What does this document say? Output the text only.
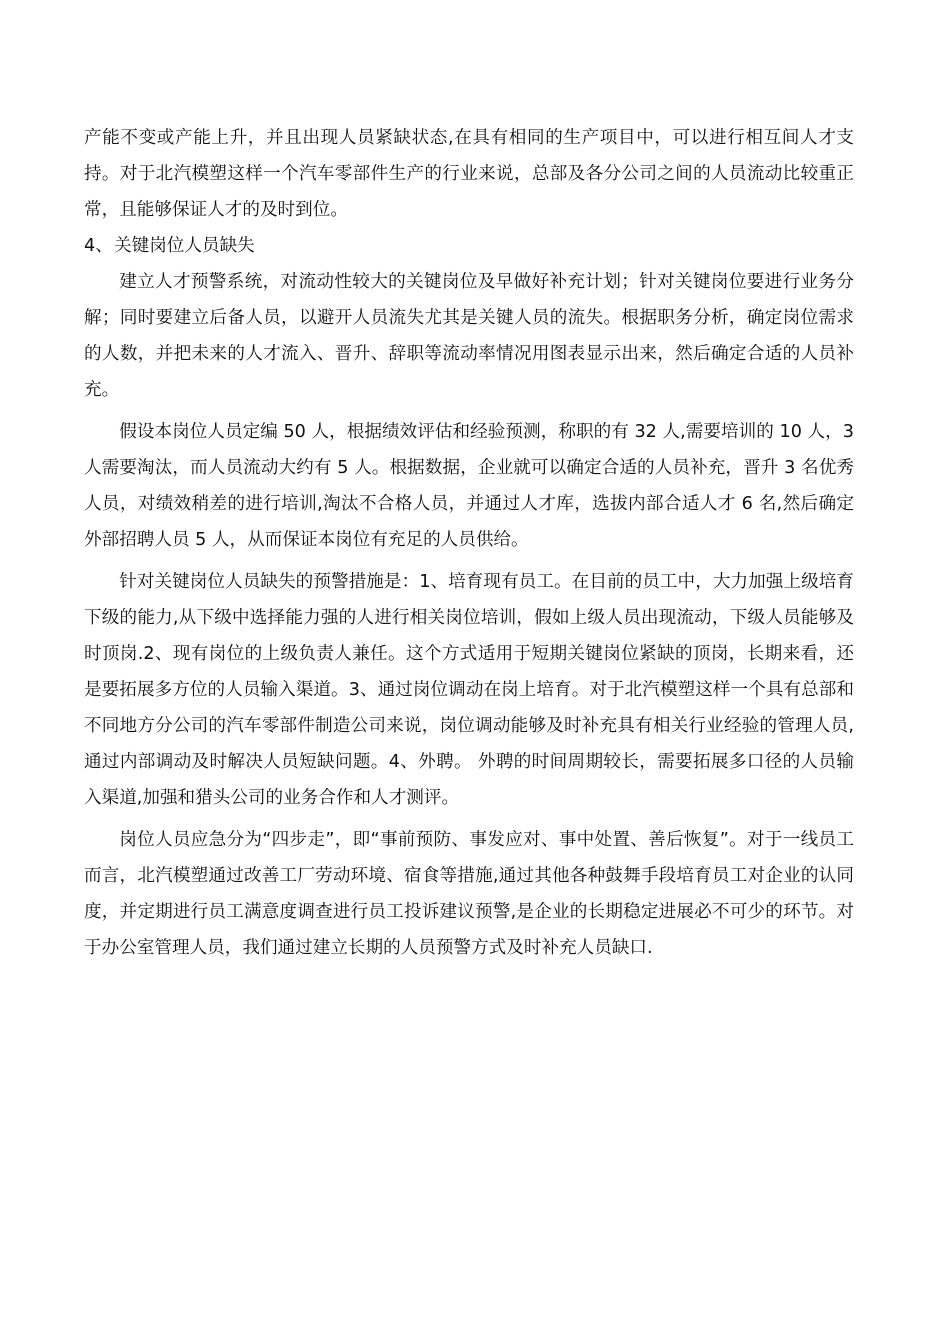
产能不变或产能上升，并且出现人员紧缺状态,在具有相同的生产项目中，可以进行相互间人才支持。对于北汽模塑这样一个汽车零部件生产的行业来说，总部及各分公司之间的人员流动比较重正常，且能够保证人才的及时到位。

4、关键岗位人员缺失

建立人才预警系统，对流动性较大的关键岗位及早做好补充计划；针对关键岗位要进行业务分解；同时要建立后备人员，以避开人员流失尤其是关键人员的流失。根据职务分析，确定岗位需求的人数，并把未来的人才流入、晋升、辞职等流动率情况用图表显示出来，然后确定合适的人员补充。

假设本岗位人员定编 50 人，根据绩效评估和经验预测，称职的有 32 人,需要培训的 10 人，3 人需要淘汰，而人员流动大约有 5 人。根据数据，企业就可以确定合适的人员补充，晋升 3 名优秀人员，对绩效稍差的进行培训,淘汰不合格人员，并通过人才库，选拔内部合适人才 6 名,然后确定外部招聘人员 5 人，从而保证本岗位有充足的人员供给。

针对关键岗位人员缺失的预警措施是：1、培育现有员工。在目前的员工中，大力加强上级培育下级的能力,从下级中选择能力强的人进行相关岗位培训，假如上级人员出现流动，下级人员能够及时顶岗.2、现有岗位的上级负责人兼任。这个方式适用于短期关键岗位紧缺的顶岗，长期来看，还是要拓展多方位的人员输入渠道。3、通过岗位调动在岗上培育。对于北汽模塑这样一个具有总部和不同地方分公司的汽车零部件制造公司来说，岗位调动能够及时补充具有相关行业经验的管理人员,通过内部调动及时解决人员短缺问题。4、外聘。 外聘的时间周期较长，需要拓展多口径的人员输入渠道,加强和猎头公司的业务合作和人才测评。

岗位人员应急分为“四步走”，即“事前预防、事发应对、事中处置、善后恢复”。对于一线员工而言，北汽模塑通过改善工厂劳动环境、宿食等措施,通过其他各种鼓舞手段培育员工对企业的认同度，并定期进行员工满意度调查进行员工投诉建议预警,是企业的长期稳定进展必不可少的环节。对于办公室管理人员，我们通过建立长期的人员预警方式及时补充人员缺口.
